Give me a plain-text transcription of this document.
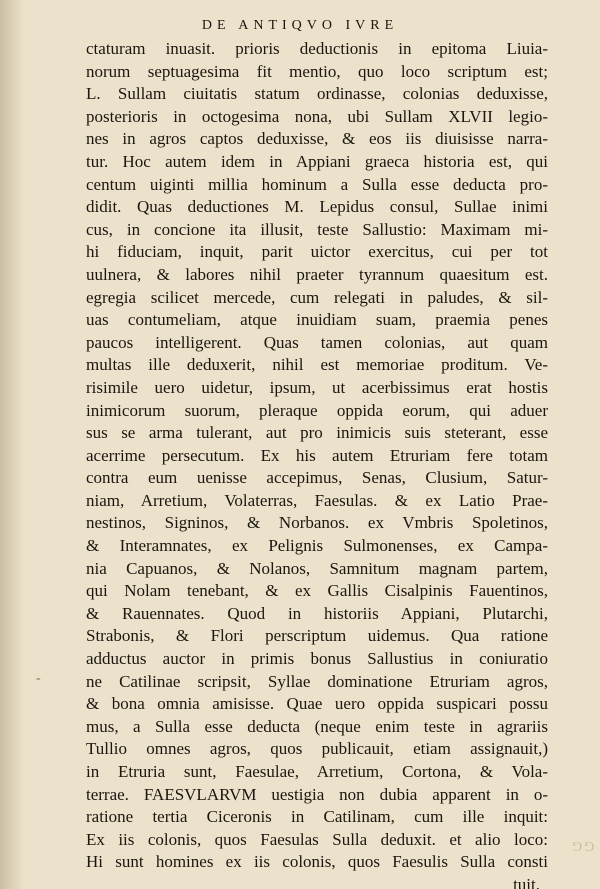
DE ANTIQVO IVRE
-
ctaturam inuasit. prioris deductionis in epitoma Liuia-
norum septuagesima fit mentio, quo loco scriptum est;
L. Sullam ciuitatis statum ordinasse, colonias deduxisse,
posterioris in octogesima nona, ubi Sullam XLVII legio-
nes in agros captos deduxisse, & eos iis diuisisse narra-
tur. Hoc autem idem in Appiani graeca historia est, qui
centum uiginti millia hominum a Sulla esse deducta pro-
didit. Quas deductiones M. Lepidus consul, Sullae inimi
cus, in concione ita illusit, teste Sallustio: Maximam mi-
hi fiduciam, inquit, parit uictor exercitus, cui per tot
uulnera, & labores nihil praeter tyrannum quaesitum est.
egregia scilicet mercede, cum relegati in paludes, & sil-
uas contumeliam, atque inuidiam suam, praemia penes
paucos intelligerent. Quas tamen colonias, aut quam
multas ille deduxerit, nihil est memoriae proditum. Ve-
risimile uero uidetur, ipsum, ut acerbissimus erat hostis
inimicorum suorum, pleraque oppida eorum, qui aduer
sus se arma tulerant, aut pro inimicis suis steterant, esse
acerrime persecutum. Ex his autem Etruriam fere totam
contra eum uenisse accepimus, Senas, Clusium, Satur-
niam, Arretium, Volaterras, Faesulas. & ex Latio Prae-
nestinos, Signinos, & Norbanos. ex Vmbris Spoletinos,
& Interamnates, ex Pelignis Sulmonenses, ex Campa-
nia Capuanos, & Nolanos, Samnitum magnam partem,
qui Nolam tenebant, & ex Gallis Cisalpinis Fauentinos,
& Rauennates. Quod in historiis Appiani, Plutarchi,
Strabonis, & Flori perscriptum uidemus. Qua ratione
adductus auctor in primis bonus Sallustius in coniuratio
ne Catilinae scripsit, Syllae dominatione Etruriam agros,
& bona omnia amisisse. Quae uero oppida suspicari possu
mus, a Sulla esse deducta (neque enim teste in agrariis
Tullio omnes agros, quos publicauit, etiam assignauit,)
in Etruria sunt, Faesulae, Arretium, Cortona, & Vola-
terrae. FAESVLARVM uestigia non dubia apparent in o-
ratione tertia Ciceronis in Catilinam, cum ille inquit:
Ex iis colonis, quos Faesulas Sulla deduxit. et alio loco:
Hi sunt homines ex iis colonis, quos Faesulis Sulla consti
tuit.
GG
